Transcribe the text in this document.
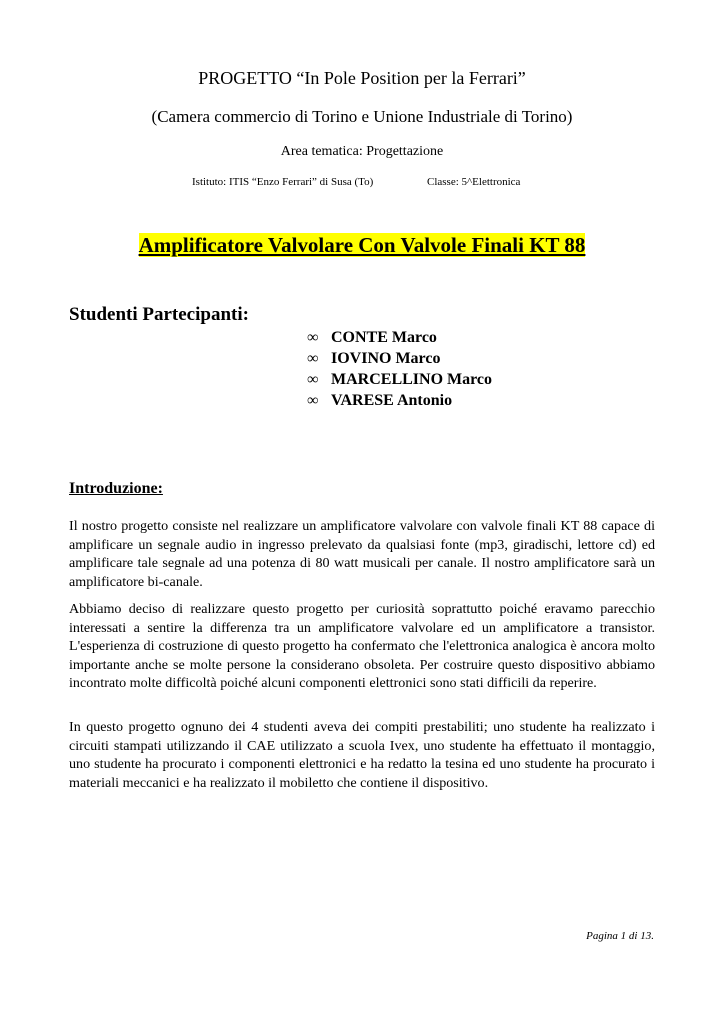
PROGETTO “In Pole Position per la Ferrari”
(Camera commercio di Torino e Unione Industriale di Torino)
Area tematica: Progettazione
Istituto: ITIS “Enzo Ferrari” di Susa (To)	Classe: 5^Elettronica
Amplificatore Valvolare Con Valvole Finali KT 88
Studenti Partecipanti:
∞ CONTE Marco
∞ IOVINO Marco
∞ MARCELLINO Marco
∞ VARESE Antonio
Introduzione:

Il nostro progetto consiste nel realizzare un amplificatore valvolare con valvole finali KT 88 capace di amplificare un segnale audio in ingresso prelevato da qualsiasi fonte (mp3, giradischi, lettore cd) ed amplificare tale segnale ad una potenza di 80 watt musicali per canale. Il nostro amplificatore sarà un amplificatore bi-canale.

Abbiamo deciso di realizzare questo progetto per curiosità soprattutto poiché eravamo parecchio interessati a sentire la differenza tra un amplificatore valvolare ed un amplificatore a transistor. L'esperienza di costruzione di questo progetto ha confermato che l'elettronica analogica è ancora molto importante anche se molte persone la considerano obsoleta. Per costruire questo dispositivo abbiamo incontrato molte difficoltà poiché alcuni componenti elettronici sono stati difficili da reperire.

In questo progetto ognuno dei 4 studenti aveva dei compiti prestabiliti; uno studente ha realizzato i circuiti stampati utilizzando il CAE utilizzato a scuola Ivex, uno studente ha effettuato il montaggio, uno studente ha procurato i componenti elettronici e ha redatto la tesina ed uno studente ha procurato i materiali meccanici e ha realizzato il mobiletto che contiene il dispositivo.

Pagina 1 di 13.
